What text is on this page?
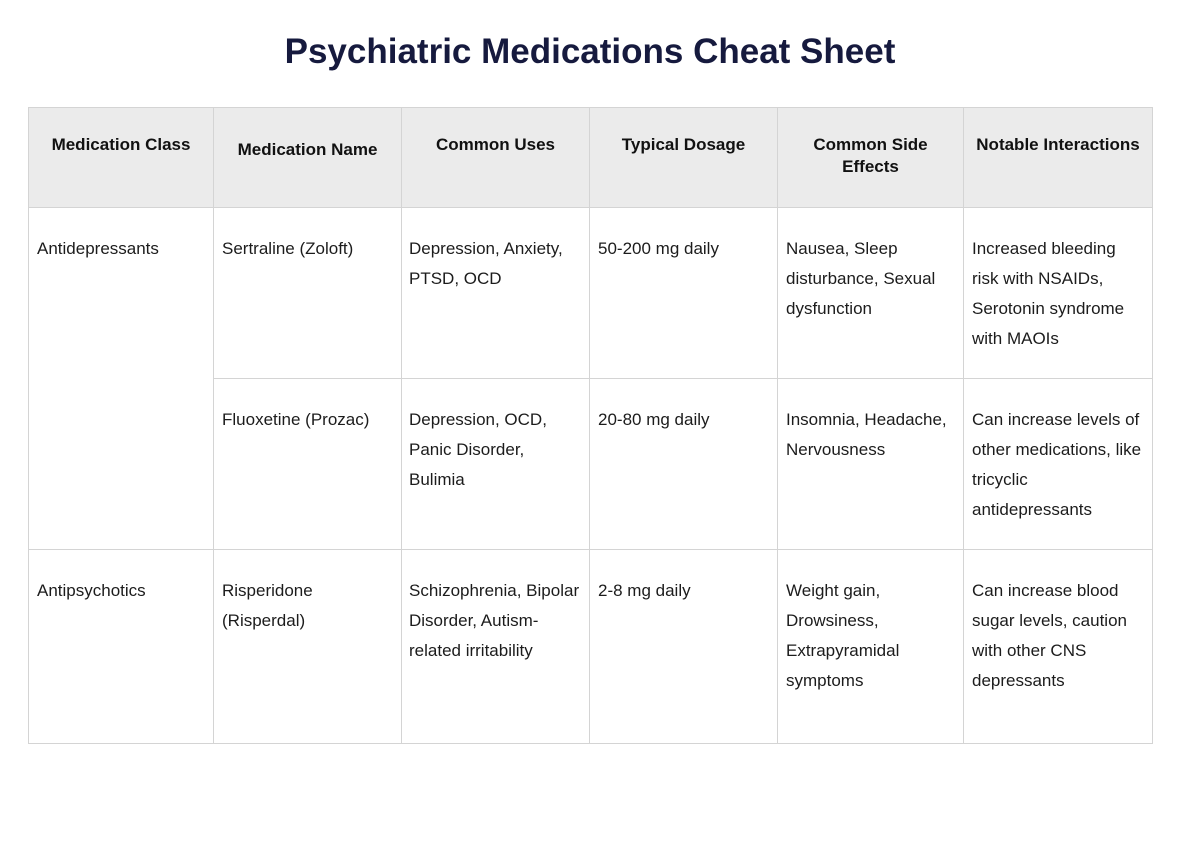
Psychiatric Medications Cheat Sheet
Medication Class	Medication Name	Common Uses	Typical Dosage	Common Side Effects	Notable Interactions
Antidepressants	Sertraline (Zoloft)	Depression, Anxiety, PTSD, OCD	50-200 mg daily	Nausea, Sleep disturbance, Sexual dysfunction	Increased bleeding risk with NSAIDs, Serotonin syndrome with MAOIs
	Fluoxetine (Prozac)	Depression, OCD, Panic Disorder, Bulimia	20-80 mg daily	Insomnia, Headache, Nervousness	Can increase levels of other medications, like tricyclic antidepressants
Antipsychotics	Risperidone (Risperdal)	Schizophrenia, Bipolar Disorder, Autism-related irritability	2-8 mg daily	Weight gain, Drowsiness, Extrapyramidal symptoms	Can increase blood sugar levels, caution with other CNS depressants
